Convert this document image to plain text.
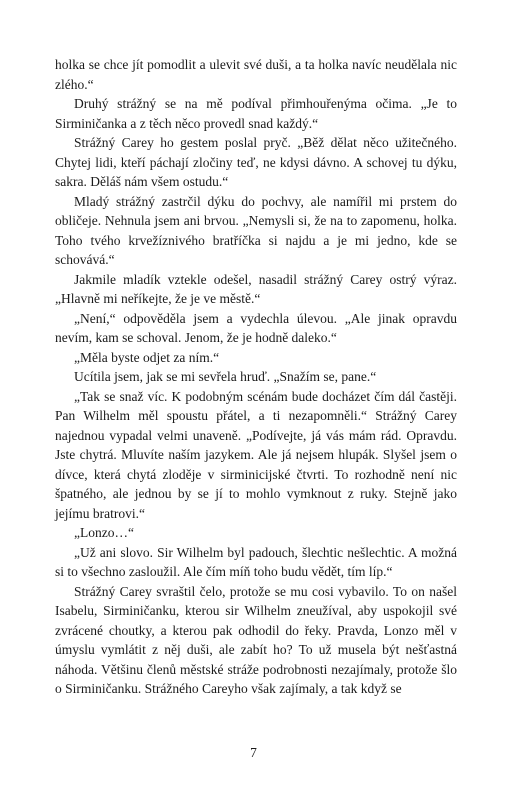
holka se chce jít pomodlit a ulevit své duši, a ta holka navíc neudělala nic zlého.“

Druhý strážný se na mě podíval přimhouřenýma očima. „Je to Sirminičanka a z těch něco provedl snad každý.“

Strážný Carey ho gestem poslal pryč. „Běž dělat něco užitečného. Chytej lidi, kteří páchají zločiny teď, ne kdysi dávno. A schovej tu dýku, sakra. Děláš nám všem ostudu.“

Mladý strážný zastrčil dýku do pochvy, ale namířil mi prstem do obličeje. Nehnula jsem ani brvou. „Nemysli si, že na to zapomenu, holka. Toho tvého krvežíznivého bratříčka si najdu a je mi jedno, kde se schovává.“

Jakmile mladík vztekle odešel, nasadil strážný Carey ostrý výraz. „Hlavně mi neříkejte, že je ve městě.“

„Není,“ odpověděla jsem a vydechla úlevou. „Ale jinak opravdu nevím, kam se schoval. Jenom, že je hodně daleko.“

„Měla byste odjet za ním.“

Ucítila jsem, jak se mi sevřela hruď. „Snažím se, pane.“

„Tak se snaž víc. K podobným scénám bude docházet čím dál častěji. Pan Wilhelm měl spoustu přátel, a ti nezapomněli.“ Strážný Carey najednou vypadal velmi unaveně. „Podívejte, já vás mám rád. Opravdu. Jste chytrá. Mluvíte naším jazykem. Ale já nejsem hlupák. Slyšel jsem o dívce, která chytá zloděje v sirminicijské čtvrti. To rozhodně není nic špatného, ale jednou by se jí to mohlo vymknout z ruky. Stejně jako jejímu bratrovi.“

„Lonzo…“

„Už ani slovo. Sir Wilhelm byl padouch, šlechtic nešlechtic. A možná si to všechno zasloužil. Ale čím míň toho budu vědět, tím líp.“

Strážný Carey svraštil čelo, protože se mu cosi vybavilo. To on našel Isabelu, Sirminičanku, kterou sir Wilhelm zneužíval, aby uspokojil své zvrácené choutky, a kterou pak odhodil do řeky. Pravda, Lonzo měl v úmyslu vymlátit z něj duši, ale zabít ho? To už musela být nešťastná náhoda. Většinu členů městské stráže podrobnosti nezajímaly, protože šlo o Sirminičanku. Strážného Careyho však zajímaly, a tak když se

7
